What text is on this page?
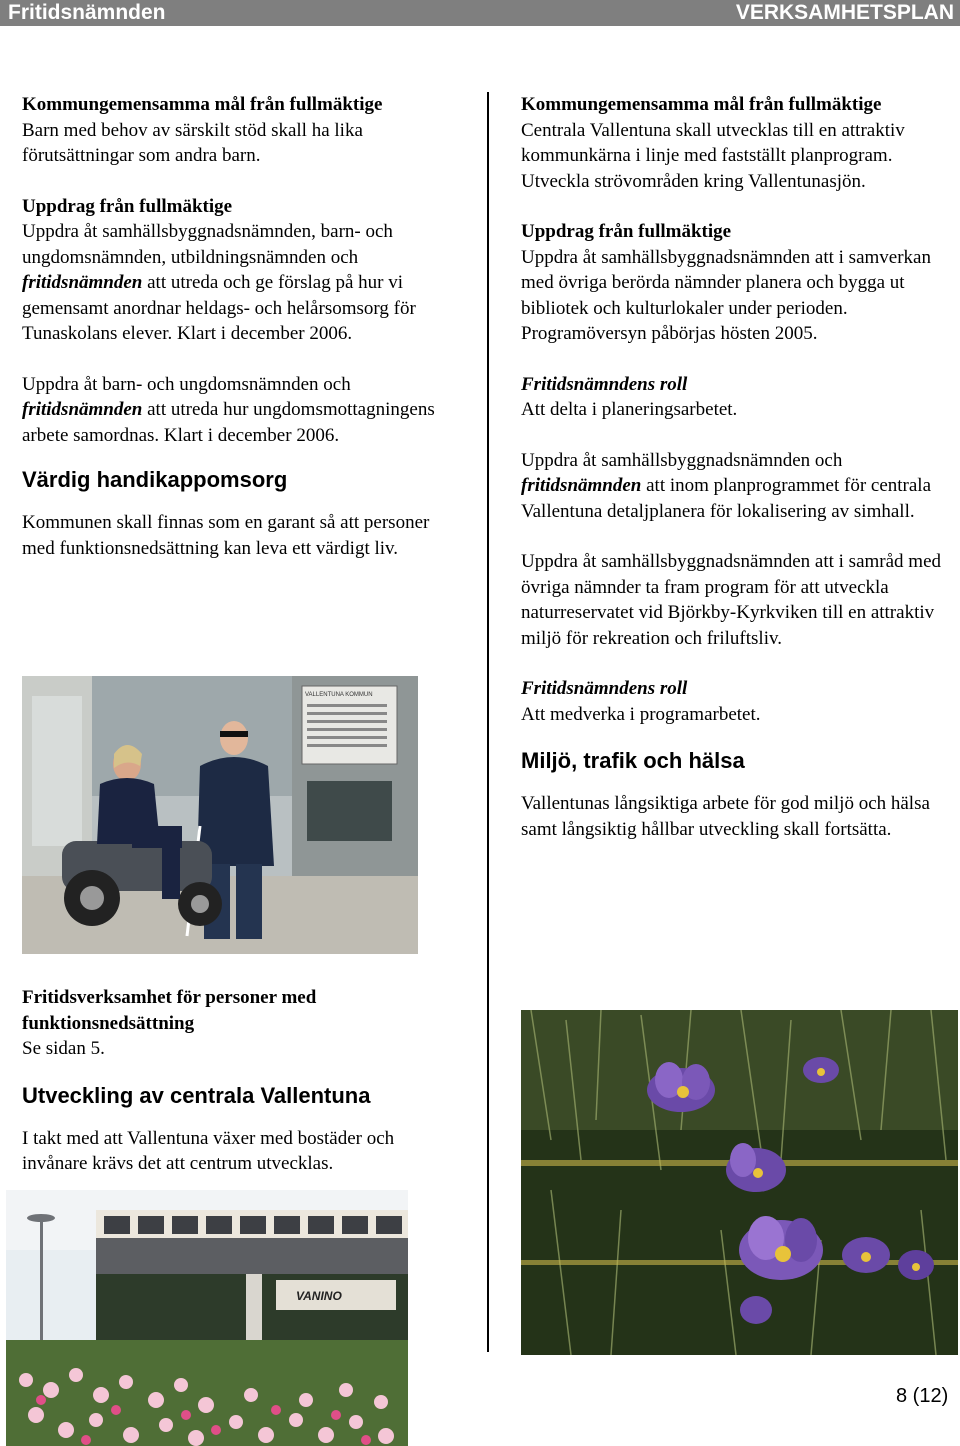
Fritidsnämnden	VERKSAMHETSPLAN

Kommungemensamma mål från fullmäktige

Barn med behov av särskilt stöd skall ha lika förutsättningar som andra barn.

Uppdrag från fullmäktige

Uppdra åt samhällsbyggnadsnämnden, barn- och ungdomsnämnden, utbildningsnämnden och fritidsnämnden att utreda och ge förslag på hur vi gemensamt anordnar heldags- och helårsomsorg för Tunaskolans elever. Klart i december 2006.

Uppdra åt barn- och ungdomsnämnden och fritidsnämnden att utreda hur ungdomsmottagningens arbete samordnas. Klart i december 2006.

Värdig handikappomsorg

Kommunen skall finnas som en garant så att personer med funktionsnedsättning kan leva ett värdigt liv.

VALLENTUNA KOMMUN

Fritidsverksamhet för personer med funktionsnedsättning

Se sidan 5.

Utveckling av centrala Vallentuna

I takt med att Vallentuna växer med bostäder och invånare krävs det att centrum utvecklas.

VANINO

Kommungemensamma mål från fullmäktige

Centrala Vallentuna skall utvecklas till en attraktiv kommunkärna i linje med fastställt planprogram.

Utveckla strövområden kring Vallentunasjön.

Uppdrag från fullmäktige

Uppdra åt samhällsbyggnadsnämnden att i samverkan med övriga berörda nämnder planera och bygga ut bibliotek och kulturlokaler under perioden. Programöversyn påbörjas hösten 2005.

Fritidsnämndens roll

Att delta i planeringsarbetet.

Uppdra åt samhällsbyggnadsnämnden och fritidsnämnden att inom planprogrammet för centrala Vallentuna detaljplanera för lokalisering av simhall.

Uppdra åt samhällsbyggnadsnämnden att i samråd med övriga nämnder ta fram program för att utveckla naturreservatet vid Björkby-Kyrkviken till en attraktiv miljö för rekreation och friluftsliv.

Fritidsnämndens roll

Att medverka i programarbetet.

Miljö, trafik och hälsa

Vallentunas långsiktiga arbete för god miljö och hälsa samt långsiktig hållbar utveckling skall fortsätta.

8 (12)
